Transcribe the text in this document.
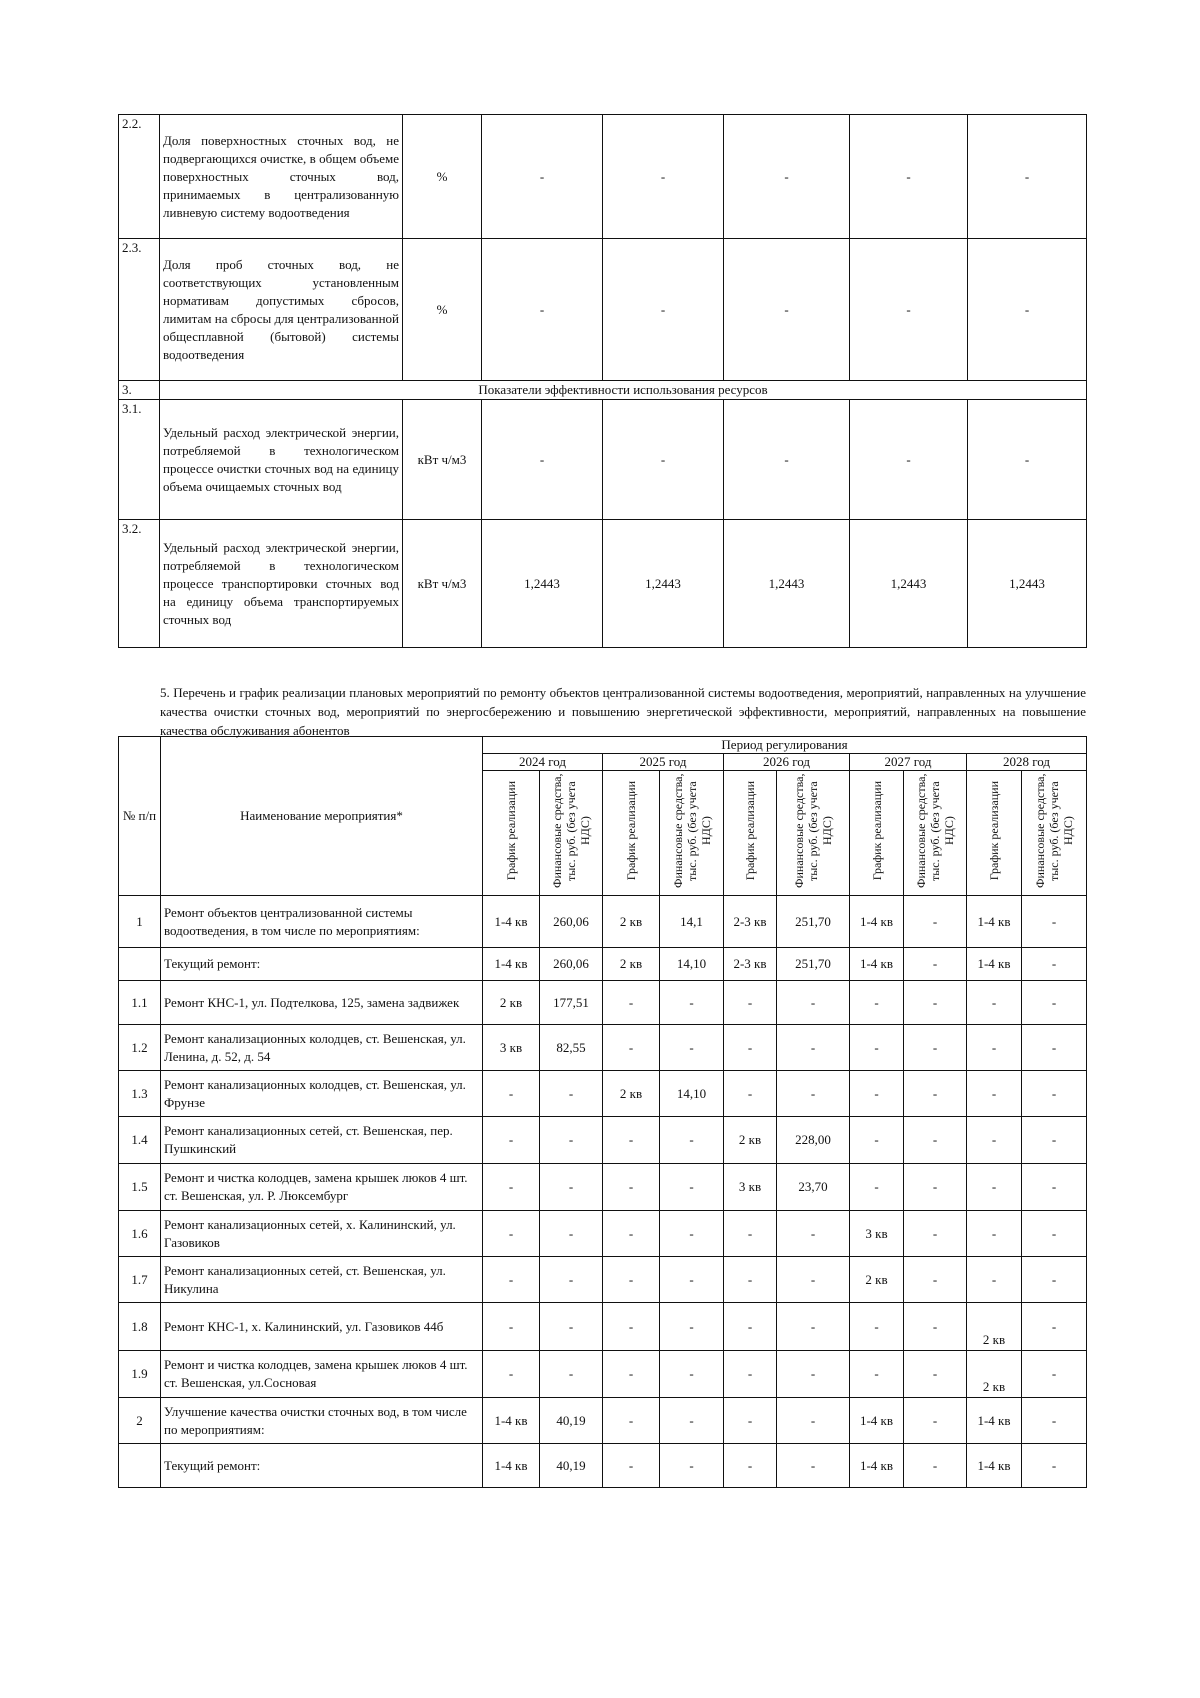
2.2.	Доля поверхностных сточных вод, не подвергающихся очистке, в общем объеме поверхностных сточных вод, принимаемых в централизованную ливневую систему водоотведения	%	-	-	-	-	-
2.3.	Доля проб сточных вод, не соответствующих установленным нормативам допустимых сбросов, лимитам на сбросы для централизованной общесплавной (бытовой) системы водоотведения	%	-	-	-	-	-
3.	Показатели эффективности использования ресурсов						
3.1.	Удельный расход электрической энергии, потребляемой в технологическом процессе очистки сточных вод на единицу объема очищаемых сточных вод	кВт ч/м3	-	-	-	-	-
3.2.	Удельный расход электрической энергии, потребляемой в технологическом процессе транспортировки сточных вод на единицу объема транспортируемых сточных вод	кВт ч/м3	1,2443	1,2443	1,2443	1,2443	1,2443
5. Перечень и график реализации плановых мероприятий по ремонту объектов централизованной системы водоотведения, мероприятий, направленных на улучшение качества очистки сточных вод, мероприятий по энергосбережению и повышению энергетической эффективности, мероприятий, направленных на повышение качества обслуживания абонентов
№ п/п	Наименование мероприятия*	Период регулирования									
		2024 год		2025 год		2026 год		2027 год		2028 год	
		График реализации	Финансовые средства, тыс. руб. (без учета НДС)	График реализации	Финансовые средства, тыс. руб. (без учета НДС)	График реализации	Финансовые средства, тыс. руб. (без учета НДС)	График реализации	Финансовые средства, тыс. руб. (без учета НДС)	График реализации	Финансовые средства, тыс. руб. (без учета НДС)
1	Ремонт объектов централизованной системы водоотведения, в том числе по мероприятиям:	1-4 кв	260,06	2 кв	14,1	2-3 кв	251,70	1-4 кв	-	1-4 кв	-
	Текущий ремонт:	1-4 кв	260,06	2 кв	14,10	2-3 кв	251,70	1-4 кв	-	1-4 кв	-
1.1	Ремонт КНС-1, ул. Подтелкова, 125, замена задвижек	2 кв	177,51	-	-	-	-	-	-	-	-
1.2	Ремонт канализационных колодцев, ст. Вешенская, ул. Ленина, д. 52, д. 54	3 кв	82,55	-	-	-	-	-	-	-	-
1.3	Ремонт канализационных колодцев, ст. Вешенская, ул. Фрунзе	-	-	2 кв	14,10	-	-	-	-	-	-
1.4	Ремонт канализационных сетей, ст. Вешенская, пер. Пушкинский	-	-	-	-	2 кв	228,00	-	-	-	-
1.5	Ремонт и чистка колодцев, замена крышек люков 4 шт. ст. Вешенская, ул. Р. Люксембург	-	-	-	-	3 кв	23,70	-	-	-	-
1.6	Ремонт канализационных сетей, х. Калининский, ул. Газовиков	-	-	-	-	-	-	3 кв	-	-	-
1.7	Ремонт канализационных сетей, ст. Вешенская, ул. Никулина	-	-	-	-	-	-	2 кв	-	-	-
1.8	Ремонт КНС-1, х. Калининский, ул. Газовиков 44б	-	-	-	-	-	-	-	-	2 кв	-
1.9	Ремонт и чистка колодцев, замена крышек люков 4 шт. ст. Вешенская, ул.Сосновая	-	-	-	-	-	-	-	-	2 кв	-
2	Улучшение качества очистки сточных вод, в том числе по мероприятиям:	1-4 кв	40,19	-	-	-	-	1-4 кв	-	1-4 кв	-
	Текущий ремонт:	1-4 кв	40,19	-	-	-	-	1-4 кв	-	1-4 кв	-
